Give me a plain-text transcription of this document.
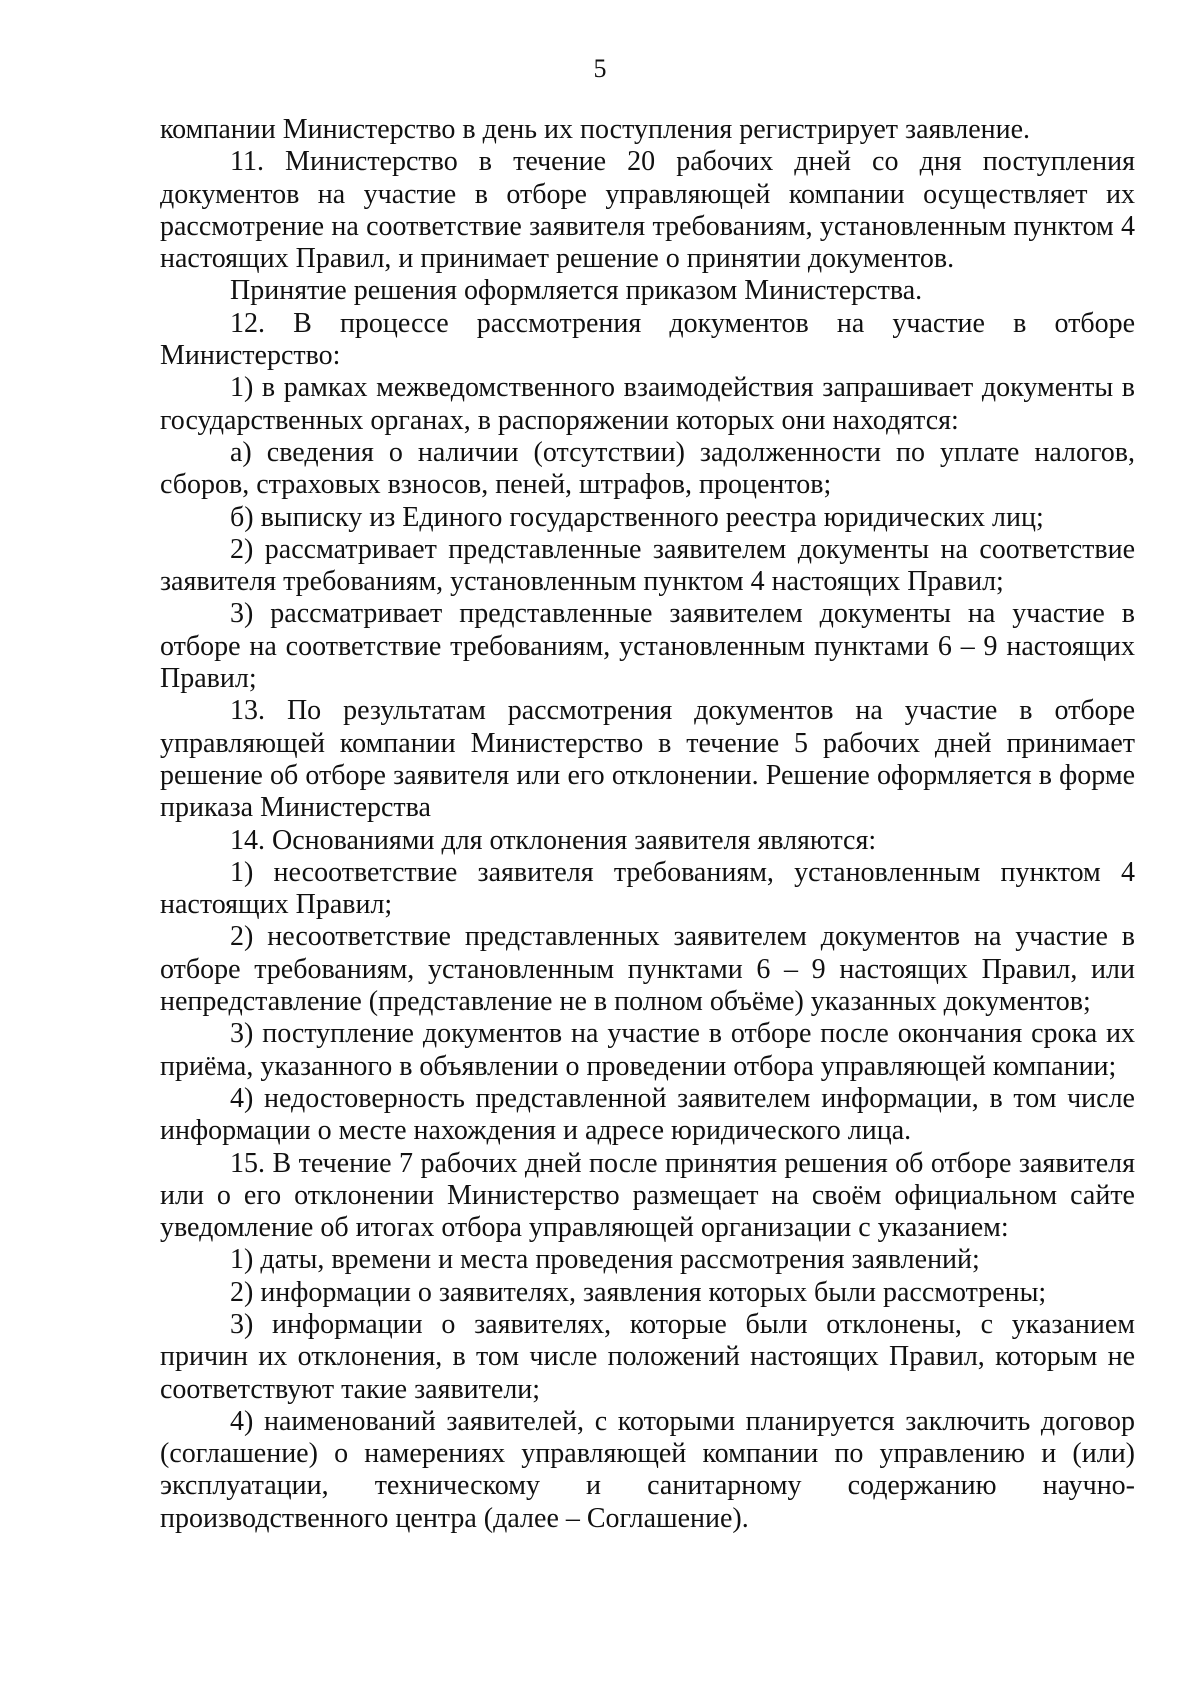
5

компании Министерство в день их поступления регистрирует заявление.

11. Министерство в течение 20 рабочих дней со дня поступления документов на участие в отборе управляющей компании осуществляет их рассмотрение на соответствие заявителя требованиям, установленным пунктом 4 настоящих Правил, и принимает решение о принятии документов.

Принятие решения оформляется приказом Министерства.

12. В процессе рассмотрения документов на участие в отборе Министерство:

1) в рамках межведомственного взаимодействия запрашивает документы в государственных органах, в распоряжении которых они находятся:

а) сведения о наличии (отсутствии) задолженности по уплате налогов, сборов, страховых взносов, пеней, штрафов, процентов;

б) выписку из Единого государственного реестра юридических лиц;

2) рассматривает представленные заявителем документы на соответствие заявителя требованиям, установленным пунктом 4 настоящих Правил;

3) рассматривает представленные заявителем документы на участие в отборе на соответствие требованиям, установленным пунктами 6 – 9 настоящих Правил;

13. По результатам рассмотрения документов на участие в отборе управляющей компании Министерство в течение 5 рабочих дней принимает решение об отборе заявителя или его отклонении. Решение оформляется в форме приказа Министерства

14. Основаниями для отклонения заявителя являются:

1) несоответствие заявителя требованиям, установленным пунктом 4 настоящих Правил;

2) несоответствие представленных заявителем документов на участие в отборе требованиям, установленным пунктами 6 – 9 настоящих Правил, или непредставление (представление не в полном объёме) указанных документов;

3) поступление документов на участие в отборе после окончания срока их приёма, указанного в объявлении о проведении отбора управляющей компании;

4) недостоверность представленной заявителем информации, в том числе информации о месте нахождения и адресе юридического лица.

15. В течение 7 рабочих дней после принятия решения об отборе заявителя или о его отклонении Министерство размещает на своём официальном сайте уведомление об итогах отбора управляющей организации с указанием:

1) даты, времени и места проведения рассмотрения заявлений;

2) информации о заявителях, заявления которых были рассмотрены;

3) информации о заявителях, которые были отклонены, с указанием причин их отклонения, в том числе положений настоящих Правил, которым не соответствуют такие заявители;

4) наименований заявителей, с которыми планируется заключить договор (соглашение) о намерениях управляющей компании по управлению и (или) эксплуатации, техническому и санитарному содержанию научно-производственного центра (далее – Соглашение).
